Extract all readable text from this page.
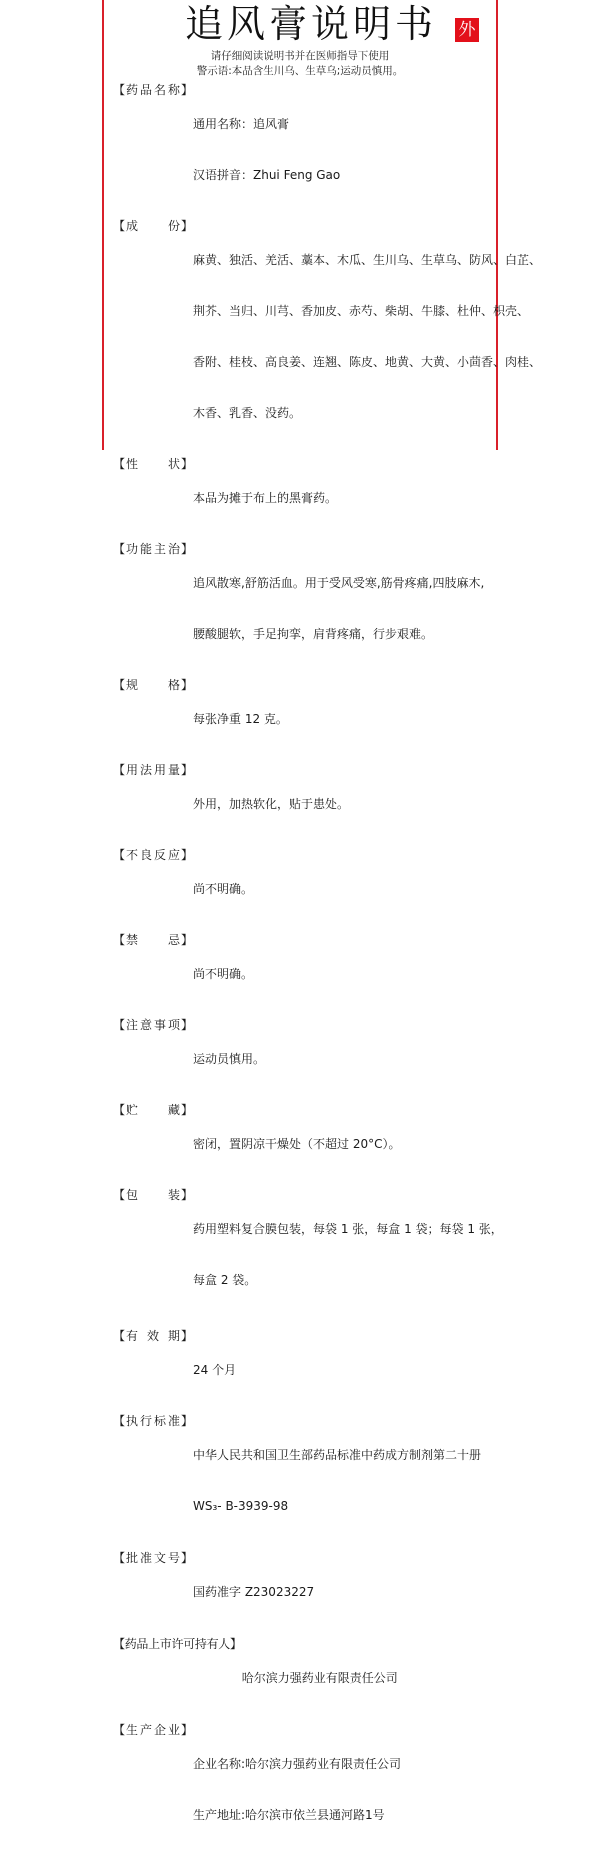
追风膏说明书 外
请仔细阅读说明书并在医师指导下使用
警示语:本品含生川乌、生草乌;运动员慎用。
【 药 品 名 称 】

通用名称：追风膏

汉语拼音：Zhui Feng Gao

【 成 份 】

麻黄、独活、羌活、藁本、木瓜、生川乌、生草乌、防风、白芷、

荆芥、当归、川芎、香加皮、赤芍、柴胡、牛膝、杜仲、枳壳、

香附、桂枝、高良姜、连翘、陈皮、地黄、大黄、小茴香、肉桂、

木香、乳香、没药。

【 性 状 】

本品为摊于布上的黑膏药。

【 功 能 主 治 】

追风散寒,舒筋活血。用于受风受寒,筋骨疼痛,四肢麻木,

腰酸腿软，手足拘挛，肩背疼痛，行步艰难。

【 规 格 】

每张净重 12 克。

【 用 法 用 量 】

外用，加热软化，贴于患处。

【 不 良 反 应 】

尚不明确。

【 禁 忌 】

尚不明确。

【 注 意 事 项 】

运动员慎用。

【 贮 藏 】

密闭，置阴凉干燥处（不超过 20°C）。

【 包 装 】

药用塑料复合膜包装，每袋 1 张，每盒 1 袋；每袋 1 张，

每盒 2 袋。

【 有 效 期 】

24 个月

【 执 行 标 准 】

中华人民共和国卫生部药品标准中药成方制剂第二十册

WS₃- B-3939-98

【 批 准 文 号 】

国药准字 Z23023227

【 药品上市许可持有人 】

哈尔滨力强药业有限责任公司

【 生 产 企 业 】

企业名称:哈尔滨力强药业有限责任公司

生产地址:哈尔滨市依兰县通河路1号
